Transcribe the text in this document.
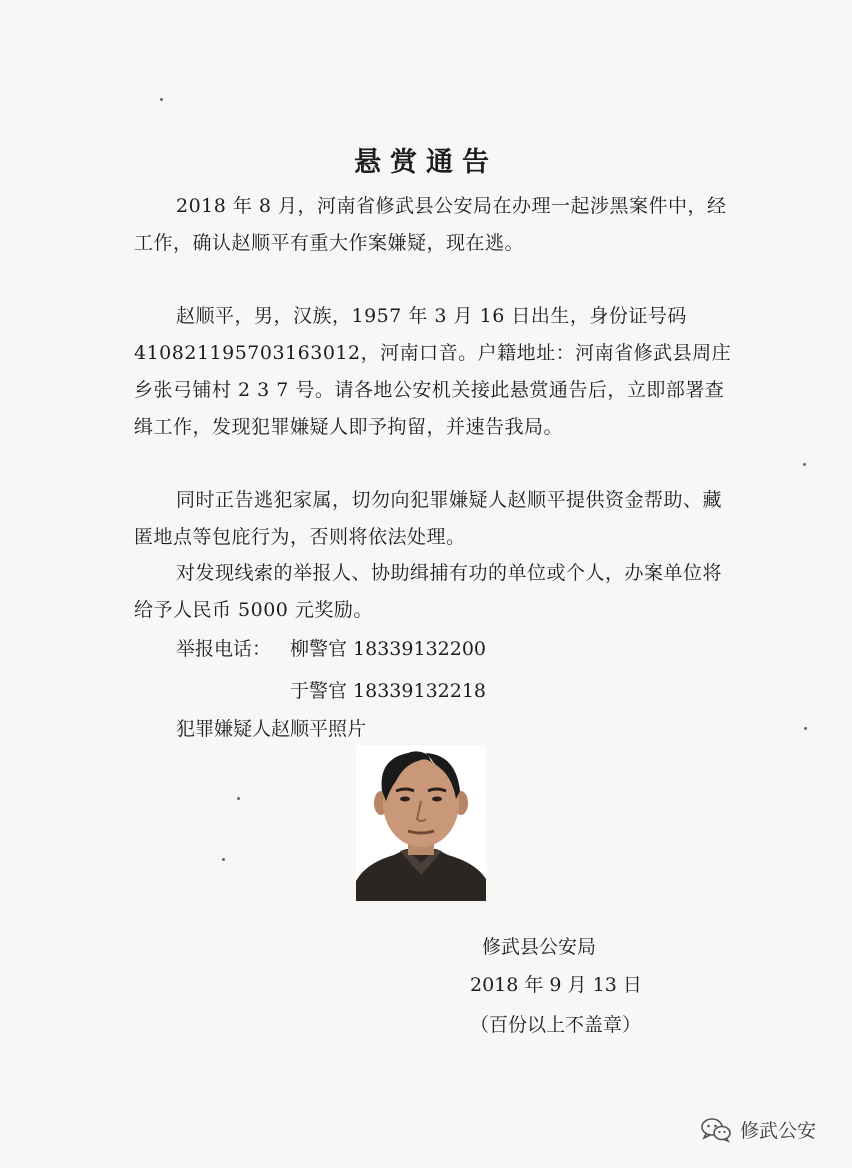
悬赏通告
2018 年 8 月，河南省修武县公安局在办理一起涉黑案件中，经工作，确认赵顺平有重大作案嫌疑，现在逃。
赵顺平，男，汉族，1957 年 3 月 16 日出生，身份证号码 410821195703163012，河南口音。户籍地址：河南省修武县周庄乡张弓铺村 2 3 7 号。请各地公安机关接此悬赏通告后，立即部署查缉工作，发现犯罪嫌疑人即予拘留，并速告我局。
同时正告逃犯家属，切勿向犯罪嫌疑人赵顺平提供资金帮助、藏匿地点等包庇行为，否则将依法处理。
对发现线索的举报人、协助缉捕有功的单位或个人，办案单位将给予人民币 5000 元奖励。
举报电话： 柳警官 18339132200
于警官 18339132218
犯罪嫌疑人赵顺平照片
修武县公安局
2018 年 9 月 13 日
（百份以上不盖章）
修武公安
